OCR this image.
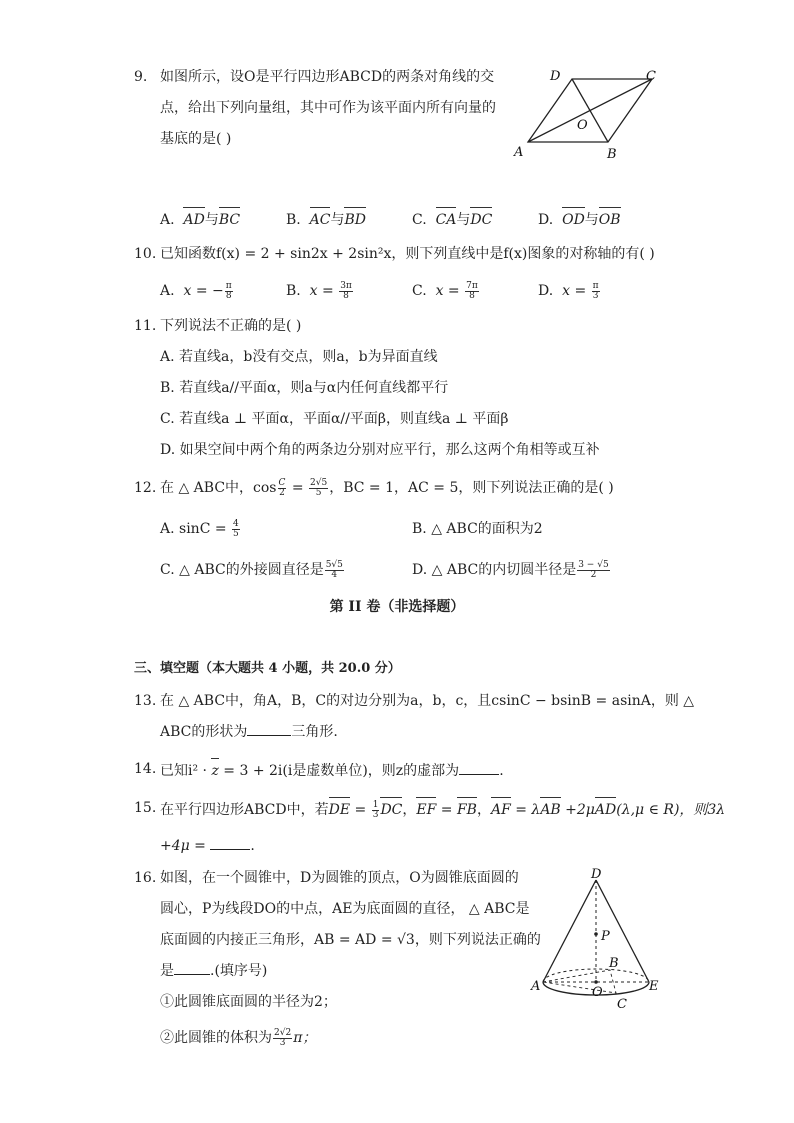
9. 如图所示，设O是平行四边形ABCD的两条对角线的交
点，给出下列向量组，其中可作为该平面内所有向量的
基底的是( )
D	C
O
A	B
A. AD与BC	B. AC与BD	C. CA与DC	D. OD与OB
10. 已知函数f(x) = 2 + sin2x + 2sin²x，则下列直线中是f(x)图象的对称轴的有( )
A. x = − $\frac{\pi}{8}$	B. $x = \frac{3\pi}{8}$	C. $x = \frac{7\pi}{8}$	D. $x = \frac{\pi}{3}$
11. 下列说法不正确的是( )
A. 若直线a，b没有交点，则a，b为异面直线
B. 若直线a//平面α，则a与α内任何直线都平行
C. 若直线a ⊥ 平面α，平面α//平面β，则直线a ⊥ 平面β
D. 如果空间中两个角的两条边分别对应平行，那么这两个角相等或互补
12. 在 △ ABC中，$\cos \frac{C}{2} = \frac{2√5}{5}$ ，BC = 1，AC = 5，则下列说法正确的是( )
A. $\sin C = \frac{4}{5}$	B. △ ABC的面积为2
C. △ ABC的外接圆直径是 $\frac{5√5}{4}$	D. △ ABC的内切圆半径是 $\frac{3 - √5}{2}$
第 II 卷（非选择题）
三、填空题（本大题共 4 小题，共 20.0 分）
13. 在 △ ABC中，角A，B，C的对边分别为a，b，c，且csinC − bsinB = asinA，则 △
ABC的形状为	三角形.
14. 已知i² · z = 3 + 2i(i是虚数单位)，则z的虚部为	.
15. 在平行四边形ABCD中，若DE = $\frac{1}{3}$ DC，EF = FB，AF = λAB +2μAD(λ,μ ∈ R)，则3λ
+4μ =	.
16. 如图，在一个圆锥中，D为圆锥的顶点，O为圆锥底面圆的
圆心，P为线段DO的中点，AE为底面圆的直径， △ ABC是
底面圆的内接正三角形，AB = AD = √3，则下列说法正确的
是	.(填序号)
①此圆锥底面圆的半径为2；
②此圆锥的体积为 $\frac{2√2}{3}$ π；
D
P
B
A	O	E
C
